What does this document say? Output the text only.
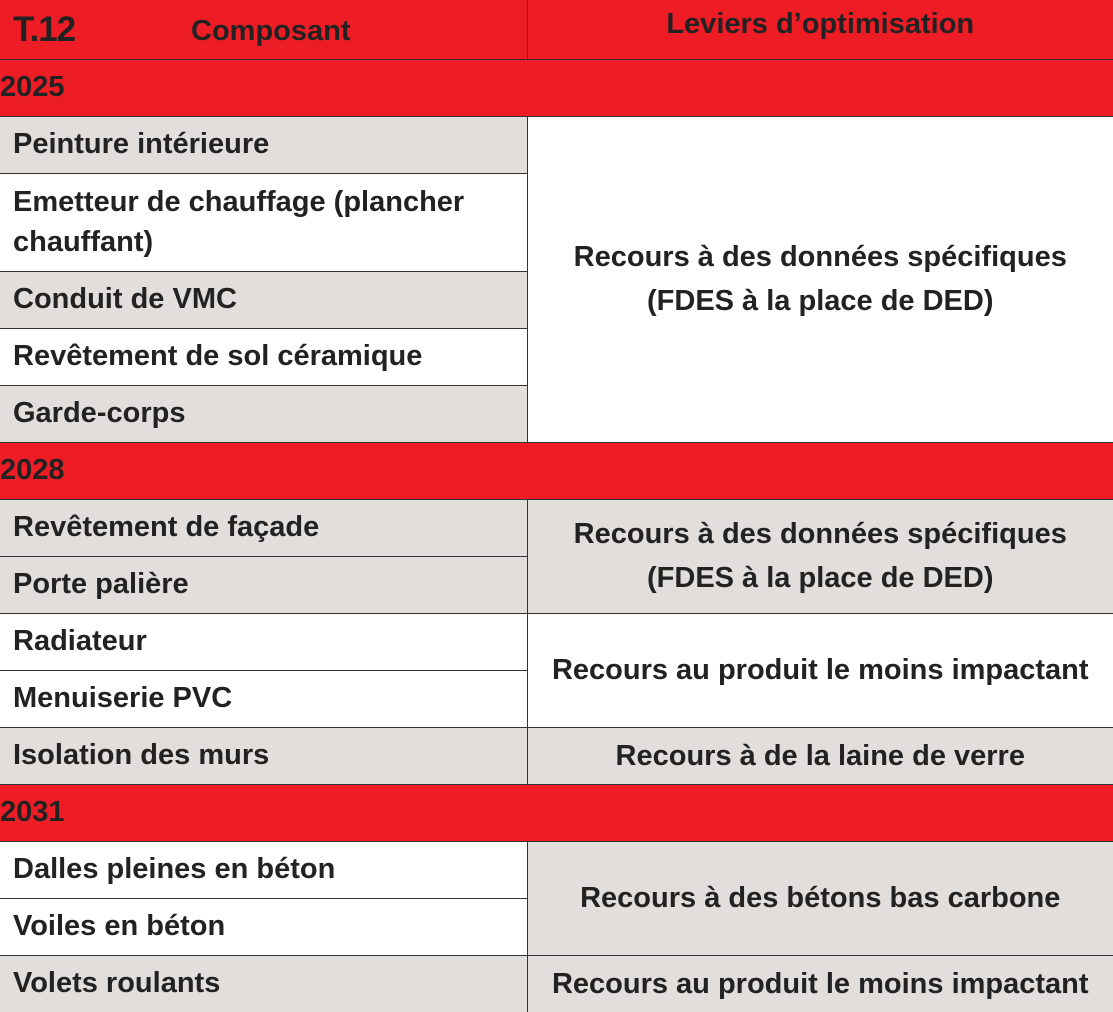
T.12 Composant	Leviers d’optimisation
2025	
Peinture intérieure	Recours à des données spécifiques
(FDES à la place de DED)

Emetteur de chauffage (plancher chauffant)	
Conduit de VMC	
Revêtement de sol céramique	
Garde-corps	
2028	
Revêtement de façade	Recours à des données spécifiques
(FDES à la place de DED)

Porte palière	
Radiateur	Recours au produit le moins impactant
Menuiserie PVC	
Isolation des murs	Recours à de la laine de verre
2031	
Dalles pleines en béton	Recours à des bétons bas carbone
Voiles en béton	
Volets roulants	Recours au produit le moins impactant
